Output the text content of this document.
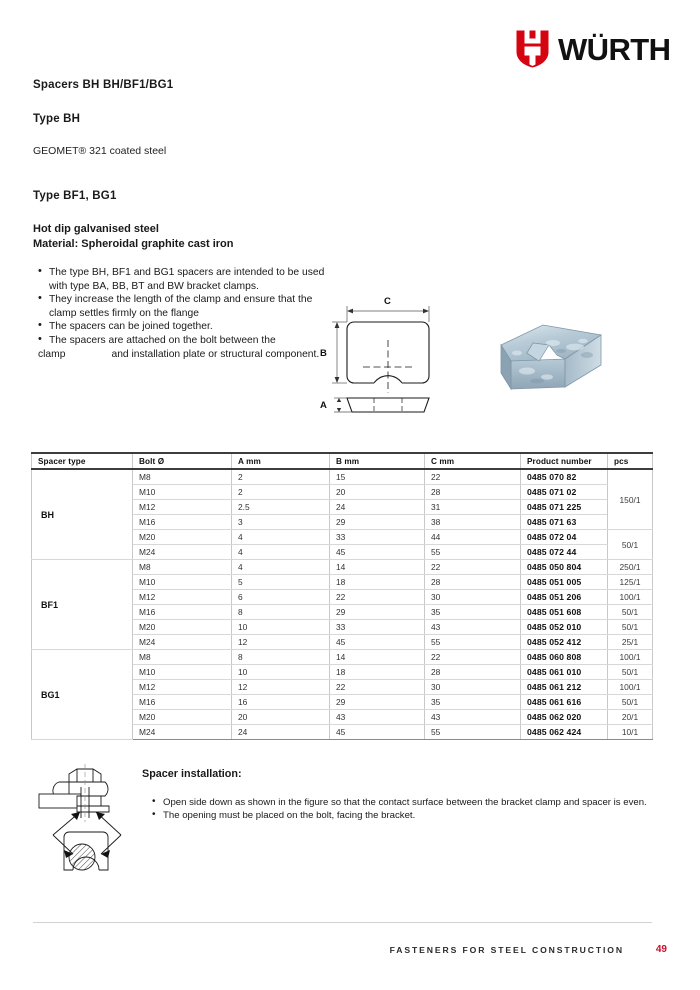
WÜRTH
Spacers BH BH/BF1/BG1
Type BH
GEOMET® 321 coated steel
Type BF1, BG1
Hot dip galvanised steel
Material: Spheroidal graphite cast iron
• The type BH, BF1 and BG1 spacers are intended to be used with type BA, BB, BT and BW bracket clamps.
• They increase the length of the clamp and ensure that the clamp settles firmly on the flange
• The spacers can be joined together.
• The spacers are attached on the bolt between the
clamp	and installation plate or structural component.
C
B
A
Spacer type	Bolt Ø	A mm	B mm	C mm	Product number	pcs
BH	M8	2	15	22	0485 070 82	150/1
	M10	2	20	28	0485 071 02	
	M12	2.5	24	31	0485 071 225	
	M16	3	29	38	0485 071 63	
	M20	4	33	44	0485 072 04	50/1
	M24	4	45	55	0485 072 44	
BF1	M8	4	14	22	0485 050 804	250/1
	M10	5	18	28	0485 051 005	125/1
	M12	6	22	30	0485 051 206	100/1
	M16	8	29	35	0485 051 608	50/1
	M20	10	33	43	0485 052 010	50/1
	M24	12	45	55	0485 052 412	25/1
BG1	M8	8	14	22	0485 060 808	100/1
	M10	10	18	28	0485 061 010	50/1
	M12	12	22	30	0485 061 212	100/1
	M16	16	29	35	0485 061 616	50/1
	M20	20	43	43	0485 062 020	20/1
	M24	24	45	55	0485 062 424	10/1
Spacer installation:
• Open side down as shown in the figure so that the contact surface between the bracket clamp and spacer is even.
• The opening must be placed on the bolt, facing the bracket.
FASTENERS FOR STEEL CONSTRUCTION	49
